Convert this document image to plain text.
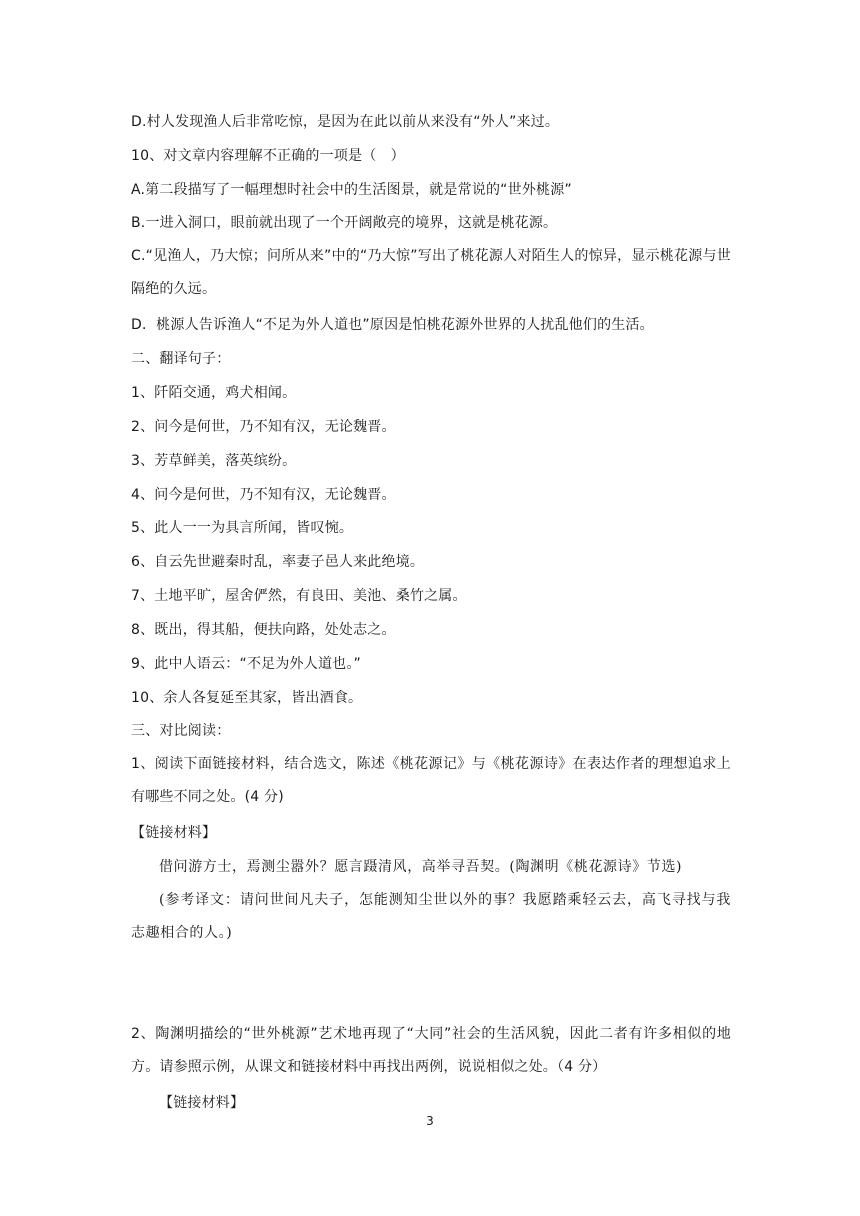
D.村人发现渔人后非常吃惊，是因为在此以前从来没有“外人”来过。
10、对文章内容理解不正确的一项是（　）
A.第二段描写了一幅理想时社会中的生活图景，就是常说的“世外桃源”
B.一进入洞口，眼前就出现了一个开阔敞亮的境界，这就是桃花源。
C.“见渔人，乃大惊；问所从来”中的“乃大惊”写出了桃花源人对陌生人的惊异，显示桃花源与世隔绝的久远。
D．桃源人告诉渔人“不足为外人道也”原因是怕桃花源外世界的人扰乱他们的生活。
二、翻译句子：
1、阡陌交通，鸡犬相闻。
2、问今是何世，乃不知有汉，无论魏晋。
3、芳草鲜美，落英缤纷。
4、问今是何世，乃不知有汉，无论魏晋。
5、此人一一为具言所闻，皆叹惋。
6、自云先世避秦时乱，率妻子邑人来此绝境。
7、土地平旷，屋舍俨然，有良田、美池、桑竹之属。
8、既出，得其船，便扶向路，处处志之。
9、此中人语云：“不足为外人道也。”
10、余人各复延至其家，皆出酒食。
三、对比阅读：
1、阅读下面链接材料，结合选文，陈述《桃花源记》与《桃花源诗》在表达作者的理想追求上有哪些不同之处。(4 分)
【链接材料】
借问游方士，焉测尘嚣外？愿言蹑清风，高举寻吾契。(陶渊明《桃花源诗》节选)
(参考译文：请问世间凡夫子，怎能测知尘世以外的事？我愿踏乘轻云去，高飞寻找与我志趣相合的人。)
2、陶渊明描绘的“世外桃源”艺术地再现了“大同”社会的生活风貌，因此二者有许多相似的地方。请参照示例，从课文和链接材料中再找出两例，说说相似之处。（4 分）
【链接材料】
3
